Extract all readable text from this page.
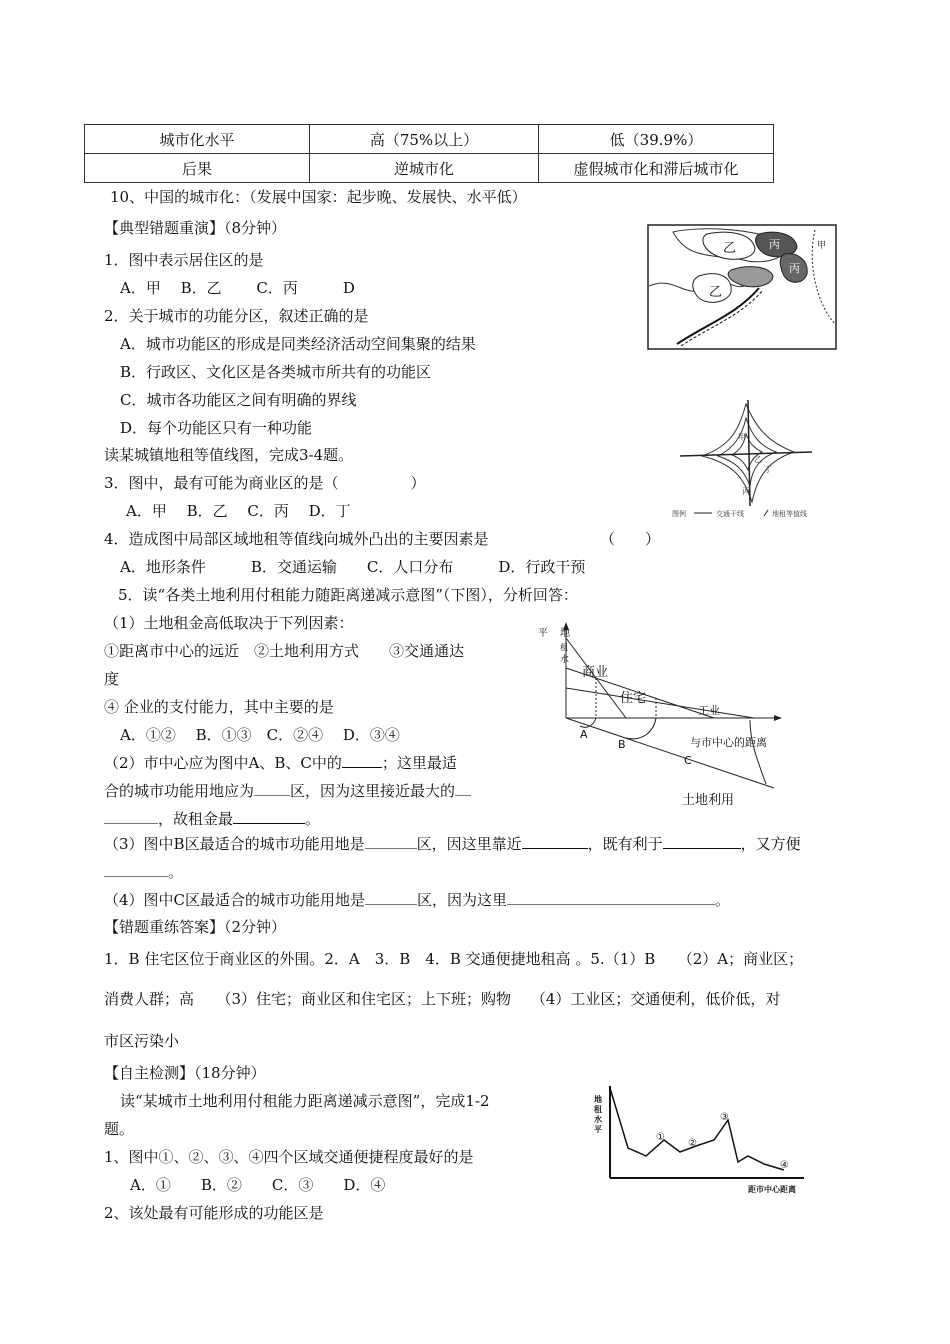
城市化水平	高（75%以上）	低（39.9%）
后果	逆城市化	虚假城市化和滞后城市化
10、中国的城市化：（发展中国家：起步晚、发展快、水平低）
【典型错题重演】（8分钟）
1．图中表示居住区的是
A．甲　 B．乙　　 C．丙　　　D
2．关于城市的功能分区，叙述正确的是
A．城市功能区的形成是同类经济活动空间集聚的结果
B．行政区、文化区是各类城市所共有的功能区
C．城市各功能区之间有明确的界线
D．每个功能区只有一种功能
读某城镇地租等值线图，完成3-4题。
3．图中，最有可能为商业区的是（	）
A．甲　 B．乙　 C．丙　 D．丁
4．造成图中局部区域地租等值线向城外凸出的主要因素是	（　　）
A．地形条件　　　B．交通运输　　C．人口分布　　　D．行政干预
5．读“各类土地利用付租能力随距离递减示意图”（下图），分析回答：
（1）土地租金高低取决于下列因素：
①距离市中心的远近　②土地利用方式　　③交通通达
度
④ 企业的支付能力，其中主要的是
A．①②　 B．①③　C．②④　 D．③④
（2）市中心应为图中A、B、C中的	；这里最适
合的城市功能用地应为 区，因为这里接近最大的
，故租金最	。
（3）图中B区最适合的城市功能用地是	区，因这里靠近	，既有利于	，又方便
。
（4）图中C区最适合的城市功能用地是	区，因为这里	。
【错题重练答案】（2分钟）
1．B 住宅区位于商业区的外围。2．A　3．B　4．B 交通便捷地租高 。5.（1）B　　（2）A；商业区；
消费人群；高　　（3）住宅；商业区和住宅区；上下班；购物　 （4）工业区；交通便利，低价低，对
市区污染小
【自主检测】（18分钟）
读“某城市土地利用付租能力距离递减示意图”，完成1-2
题。
1、图中①、②、③、④四个区域交通便捷程度最好的是
A．①　　B．②　　C．③　　D．④
2、该处最有可能形成的功能区是
乙	丙
乙
丙
甲
甲
乙
丙
丁
图例	交通干线	地租等值线
平 地
租
水
商业
住宅
工业
A
B
C
与市中心的距离
土地利用
地
租
水
平
①
②
③
④
距市中心距离
